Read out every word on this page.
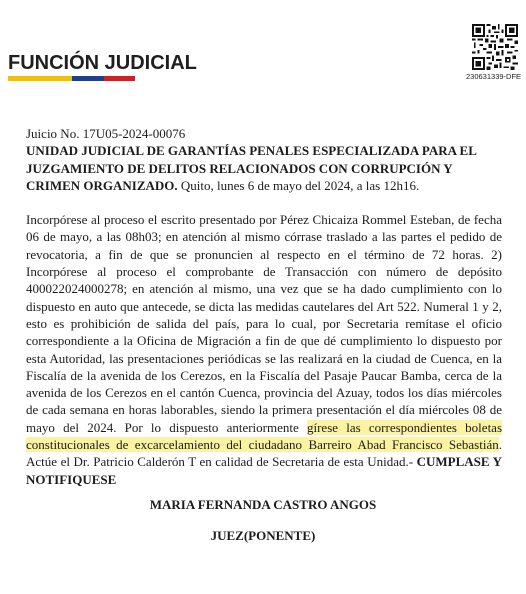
FUNCIÓN JUDICIAL
230631339-DFE

Juicio No. 17U05-2024-00076

UNIDAD JUDICIAL DE GARANTÍAS PENALES ESPECIALIZADA PARA EL JUZGAMIENTO DE DELITOS RELACIONADOS CON CORRUPCIÓN Y CRIMEN ORGANIZADO. Quito, lunes 6 de mayo del 2024, a las 12h16.

Incorpórese al proceso el escrito presentado por Pérez Chicaiza Rommel Esteban, de fecha 06 de mayo, a las 08h03; en atención al mismo córrase traslado a las partes el pedido de revocatoria, a fin de que se pronuncien al respecto en el término de 72 horas. 2) Incorpórese al proceso el comprobante de Transacción con número de depósito 400022024000278; en atención al mismo, una vez que se ha dado cumplimiento con lo dispuesto en auto que antecede, se dicta las medidas cautelares del Art 522. Numeral 1 y 2, esto es prohibición de salida del país, para lo cual, por Secretaria remítase el oficio correspondiente a la Oficina de Migración a fin de que dé cumplimiento lo dispuesto por esta Autoridad, las presentaciones periódicas se las realizará en la ciudad de Cuenca, en la Fiscalía de la avenida de los Cerezos, en la Fiscalía del Pasaje Paucar Bamba, cerca de la avenida de los Cerezos en el cantón Cuenca, provincia del Azuay, todos los días miércoles de cada semana en horas laborables, siendo la primera presentación el día miércoles 08 de mayo del 2024. Por lo dispuesto anteriormente gírese las correspondientes boletas constitucionales de excarcelamiento del ciudadano Barreiro Abad Francisco Sebastián. Actúe el Dr. Patricio Calderón T en calidad de Secretaria de esta Unidad.- CUMPLASE Y NOTIFIQUESE
MARIA FERNANDA CASTRO ANGOS
JUEZ(PONENTE)
